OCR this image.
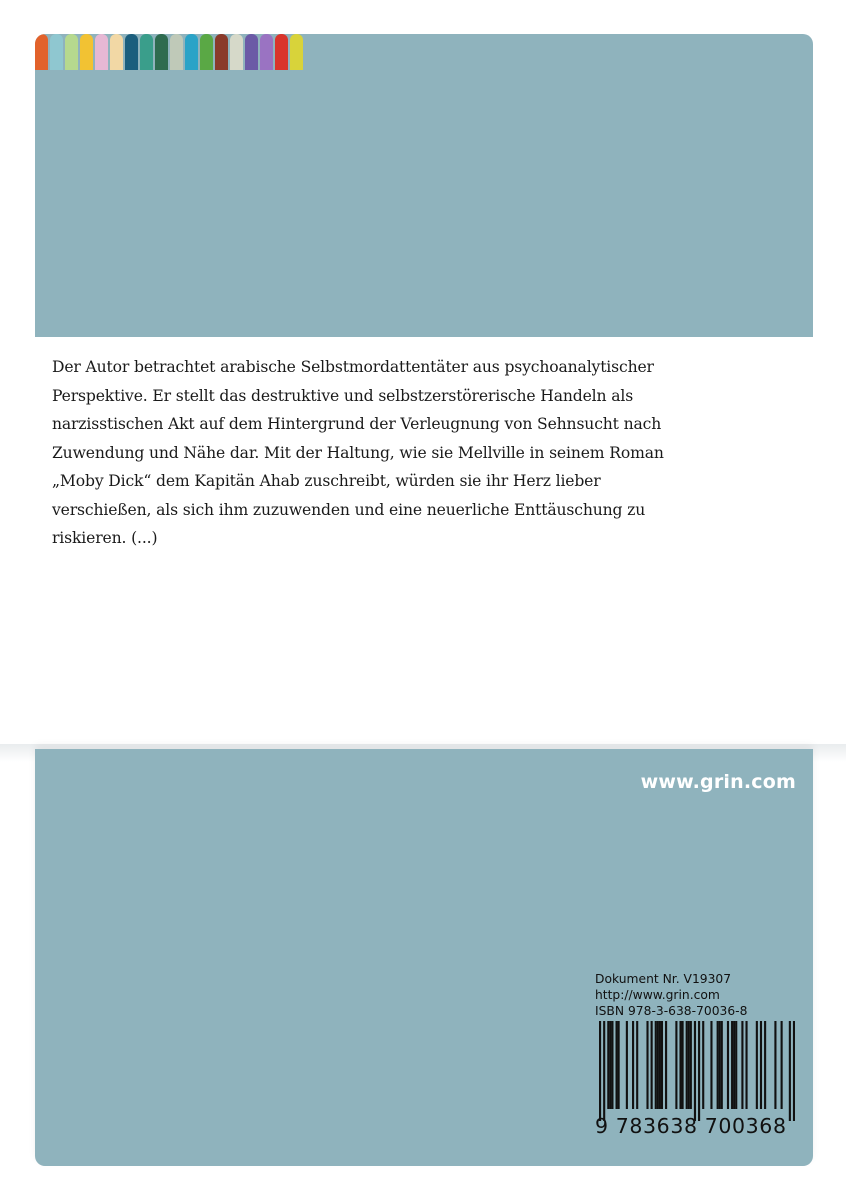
Der Autor betrachtet arabische Selbstmordattentäter aus psychoanalytischer
Perspektive. Er stellt das destruktive und selbstzerstörerische Handeln als
narzisstischen Akt auf dem Hintergrund der Verleugnung von Sehnsucht nach
Zuwendung und Nähe dar. Mit der Haltung, wie sie Mellville in seinem Roman
„Moby Dick“ dem Kapitän Ahab zuschreibt, würden sie ihr Herz lieber
verschießen, als sich ihm zuzuwenden und eine neuerliche Enttäuschung zu
riskieren. (...)
www.grin.com
Dokument Nr. V19307
http://www.grin.com
ISBN 978-3-638-70036-8
9 783638 700368
